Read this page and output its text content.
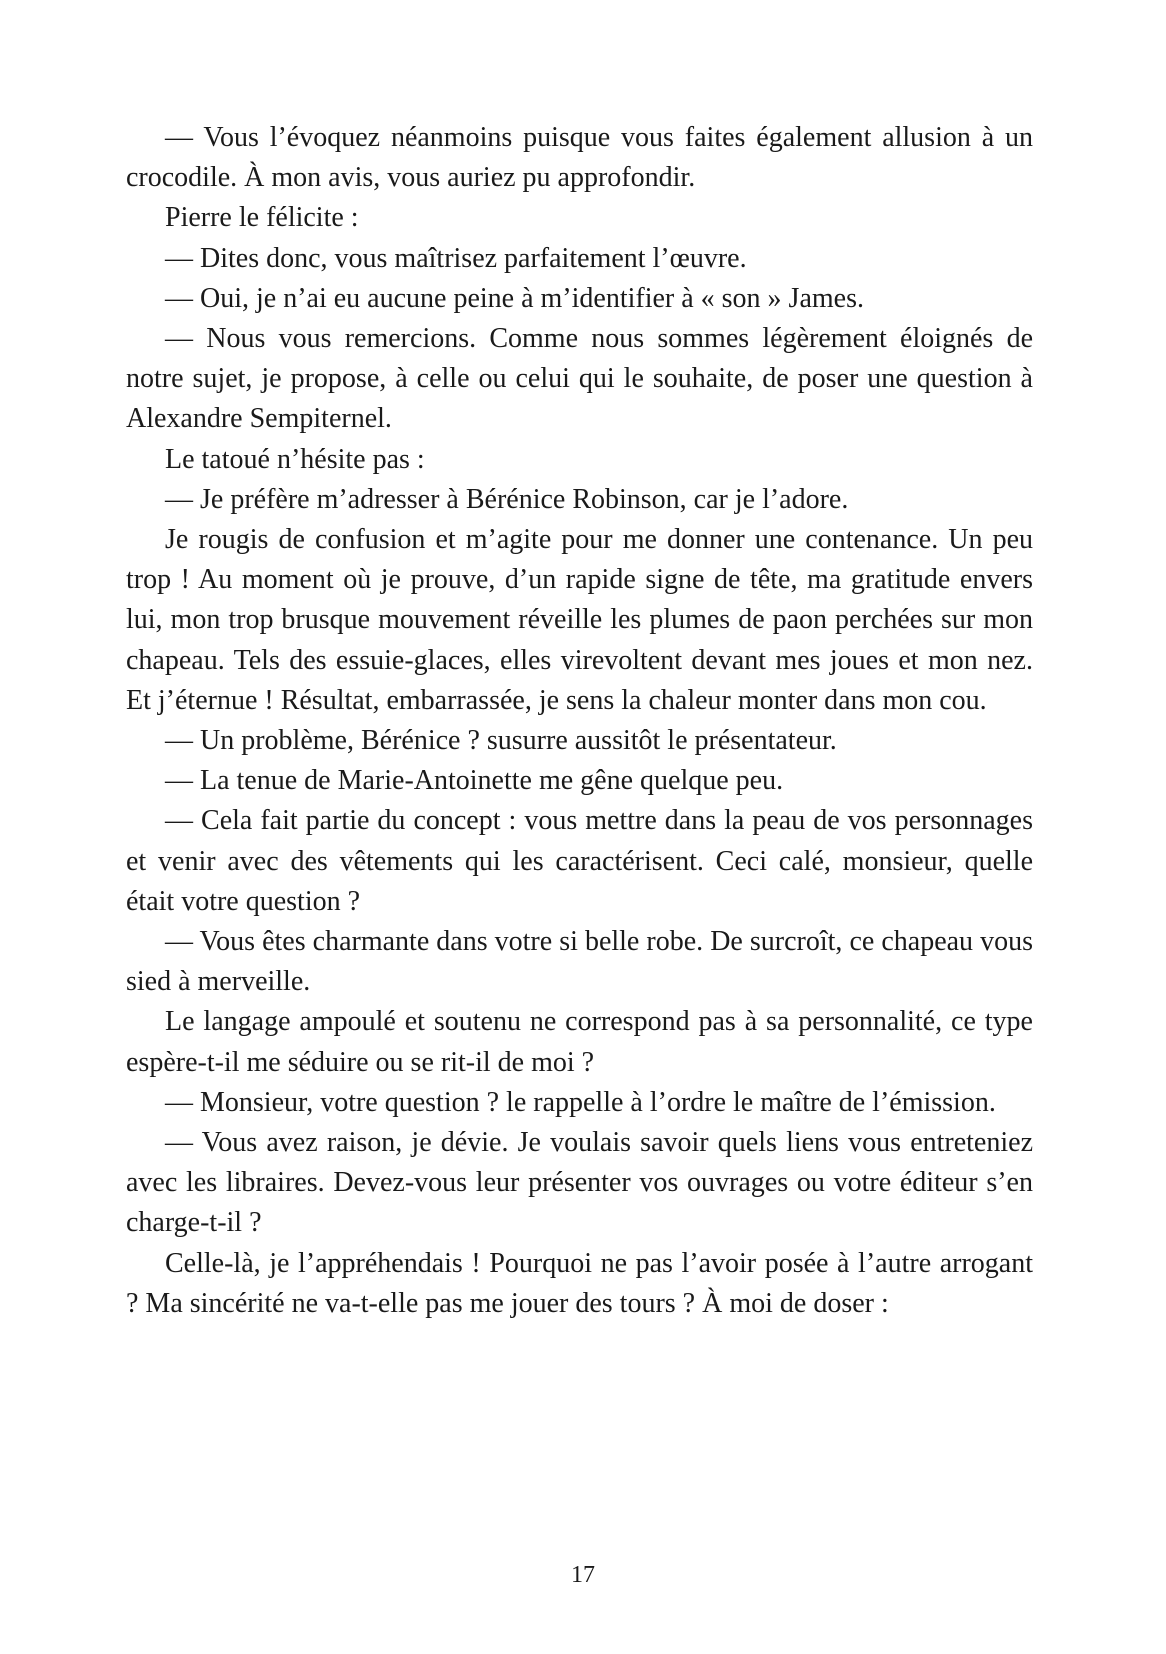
— Vous l’évoquez néanmoins puisque vous faites également allusion à un crocodile. À mon avis, vous auriez pu approfondir.

Pierre le félicite :

— Dites donc, vous maîtrisez parfaitement l’œuvre.

— Oui, je n’ai eu aucune peine à m’identifier à « son » James.

— Nous vous remercions. Comme nous sommes légèrement éloignés de notre sujet, je propose, à celle ou celui qui le souhaite, de poser une question à Alexandre Sempiternel.

Le tatoué n’hésite pas :

— Je préfère m’adresser à Bérénice Robinson, car je l’adore.

Je rougis de confusion et m’agite pour me donner une contenance. Un peu trop ! Au moment où je prouve, d’un rapide signe de tête, ma gratitude envers lui, mon trop brusque mouvement réveille les plumes de paon perchées sur mon chapeau. Tels des essuie-glaces, elles virevoltent devant mes joues et mon nez. Et j’éternue ! Résultat, embarrassée, je sens la chaleur monter dans mon cou.

— Un problème, Bérénice ? susurre aussitôt le présentateur.

— La tenue de Marie-Antoinette me gêne quelque peu.

— Cela fait partie du concept : vous mettre dans la peau de vos personnages et venir avec des vêtements qui les caractérisent. Ceci calé, monsieur, quelle était votre question ?

— Vous êtes charmante dans votre si belle robe. De surcroît, ce chapeau vous sied à merveille.

Le langage ampoulé et soutenu ne correspond pas à sa personnalité, ce type espère-t-il me séduire ou se rit-il de moi ?

— Monsieur, votre question ? le rappelle à l’ordre le maître de l’émission.

— Vous avez raison, je dévie. Je voulais savoir quels liens vous entreteniez avec les libraires. Devez-vous leur présenter vos ouvrages ou votre éditeur s’en charge-t-il ?

Celle-là, je l’appréhendais ! Pourquoi ne pas l’avoir posée à l’autre arrogant ? Ma sincérité ne va-t-elle pas me jouer des tours ? À moi de doser :

17
